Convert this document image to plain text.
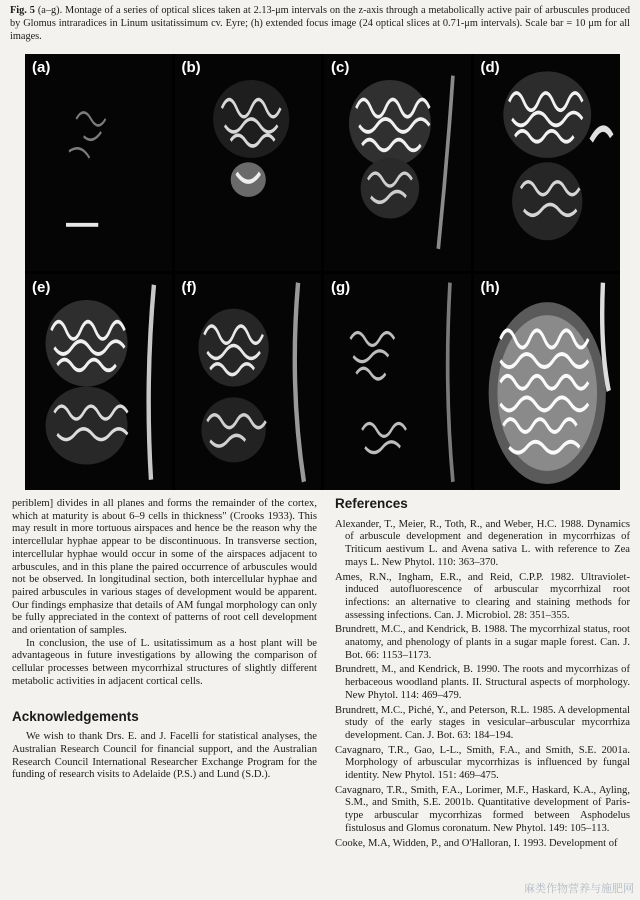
Fig. 5 (a–g). Montage of a series of optical slices taken at 2.13-μm intervals on the z-axis through a metabolically active pair of arbuscules produced by Glomus intraradices in Linum usitatissimum cv. Eyre; (h) extended focus image (24 optical slices at 0.71-μm intervals). Scale bar = 10 μm for all images.
(a)	(b)	(c)	(d)
(e)	(f)	(g)	(h)

periblem] divides in all planes and forms the remainder of the cortex, which at maturity is about 6–9 cells in thickness" (Crooks 1933). This may result in more tortuous airspaces and hence be the reason why the intercellular hyphae appear to be discontinuous. In transverse section, intercellular hyphae would occur in some of the airspaces adjacent to arbuscules, and in this plane the paired occurrence of arbuscules would not be observed. In longitudinal section, both intercellular hyphae and paired arbuscules in various stages of development would be apparent. Our findings emphasize that details of AM fungal morphology can only be fully appreciated in the context of patterns of root cell development and orientation of samples.

In conclusion, the use of L. usitatissimum as a host plant will be advantageous in future investigations by allowing the comparison of cellular processes between mycorrhizal structures of slightly different metabolic activities in adjacent cortical cells.

Acknowledgements

We wish to thank Drs. E. and J. Facelli for statistical analyses, the Australian Research Council for financial support, and the Australian Research Council International Researcher Exchange Program for the funding of research visits to Adelaide (P.S.) and Lund (S.D.).

References

Alexander, T., Meier, R., Toth, R., and Weber, H.C. 1988. Dynamics of arbuscule development and degeneration in mycorrhizas of Triticum aestivum L. and Avena sativa L. with reference to Zea mays L. New Phytol. 110: 363–370.

Ames, R.N., Ingham, E.R., and Reid, C.P.P. 1982. Ultraviolet-induced autofluorescence of arbuscular mycorrhizal root infections: an alternative to clearing and staining methods for assessing infections. Can. J. Microbiol. 28: 351–355.

Brundrett, M.C., and Kendrick, B. 1988. The mycorrhizal status, root anatomy, and phenology of plants in a sugar maple forest. Can. J. Bot. 66: 1153–1173.

Brundrett, M., and Kendrick, B. 1990. The roots and mycorrhizas of herbaceous woodland plants. II. Structural aspects of morphology. New Phytol. 114: 469–479.

Brundrett, M.C., Piché, Y., and Peterson, R.L. 1985. A developmental study of the early stages in vesicular–arbuscular mycorrhiza development. Can. J. Bot. 63: 184–194.

Cavagnaro, T.R., Gao, L-L., Smith, F.A., and Smith, S.E. 2001a. Morphology of arbuscular mycorrhizas is influenced by fungal identity. New Phytol. 151: 469–475.

Cavagnaro, T.R., Smith, F.A., Lorimer, M.F., Haskard, K.A., Ayling, S.M., and Smith, S.E. 2001b. Quantitative development of Paris-type arbuscular mycorrhizas formed between Asphodelus fistulosus and Glomus coronatum. New Phytol. 149: 105–113.

Cooke, M.A, Widden, P., and O'Halloran, I. 1993. Development of

麻类作物营养与施肥网
